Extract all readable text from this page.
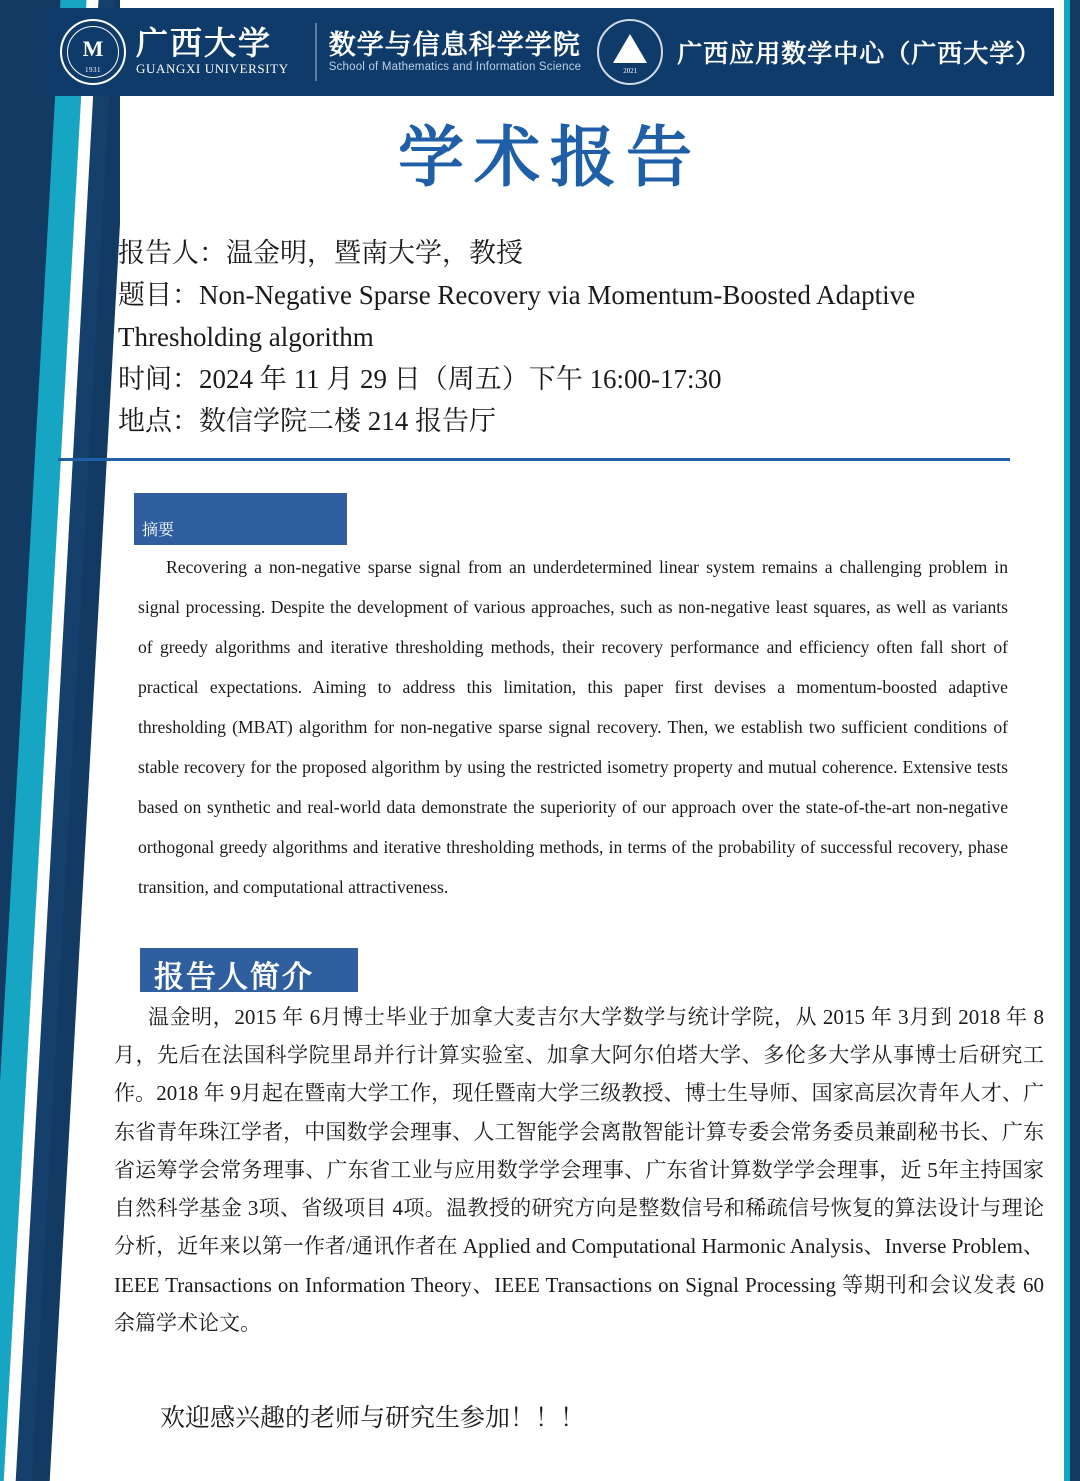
M
1931
广西大学
GUANGXI UNIVERSITY
数学与信息科学学院
School of Mathematics and Information Science	2021
广西应用数学中心（广西大学）
学术报告
报告人：温金明，暨南大学，教授
题目：Non-Negative Sparse Recovery via Momentum-Boosted Adaptive Thresholding algorithm
时间：2024 年 11 月 29 日（周五）下午 16:00-17:30
地点：数信学院二楼 214 报告厅
摘要
Recovering a non-negative sparse signal from an underdetermined linear system remains a challenging problem in signal processing. Despite the development of various approaches, such as non-negative least squares, as well as variants of greedy algorithms and iterative thresholding methods, their recovery performance and efficiency often fall short of practical expectations. Aiming to address this limitation, this paper first devises a momentum-boosted adaptive thresholding (MBAT) algorithm for non-negative sparse signal recovery. Then, we establish two sufficient conditions of stable recovery for the proposed algorithm by using the restricted isometry property and mutual coherence. Extensive tests based on synthetic and real-world data demonstrate the superiority of our approach over the state-of-the-art non-negative orthogonal greedy algorithms and iterative thresholding methods, in terms of the probability of successful recovery, phase transition, and computational attractiveness.
报告人简介
温金明，2015 年 6月博士毕业于加拿大麦吉尔大学数学与统计学院，从 2015 年 3月到 2018 年 8月，先后在法国科学院里昂并行计算实验室、加拿大阿尔伯塔大学、多伦多大学从事博士后研究工作。2018 年 9月起在暨南大学工作，现任暨南大学三级教授、博士生导师、国家高层次青年人才、广东省青年珠江学者，中国数学会理事、人工智能学会离散智能计算专委会常务委员兼副秘书长、广东省运筹学会常务理事、广东省工业与应用数学学会理事、广东省计算数学学会理事，近 5年主持国家自然科学基金 3项、省级项目 4项。温教授的研究方向是整数信号和稀疏信号恢复的算法设计与理论分析，近年来以第一作者/通讯作者在 Applied and Computational Harmonic Analysis、Inverse Problem、IEEE Transactions on Information Theory、IEEE Transactions on Signal Processing 等期刊和会议发表 60 余篇学术论文。
欢迎感兴趣的老师与研究生参加！！！
